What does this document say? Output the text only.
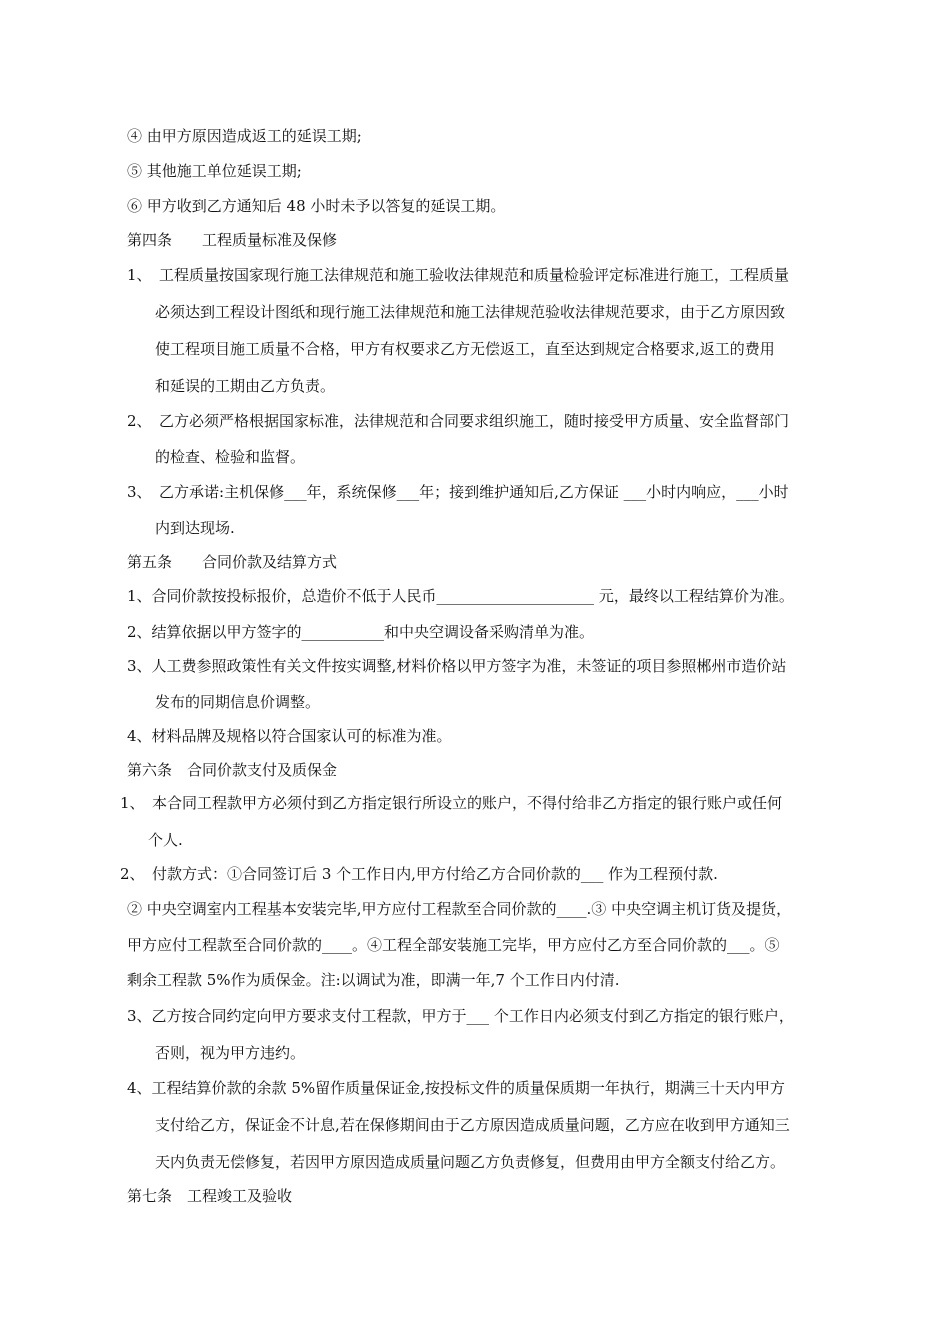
④ 由甲方原因造成返工的延误工期;
⑤ 其他施工单位延误工期;
⑥ 甲方收到乙方通知后 48 小时未予以答复的延误工期。
第四条　　工程质量标准及保修
1、　工程质量按国家现行施工法律规范和施工验收法律规范和质量检验评定标准进行施工，工程质量
必须达到工程设计图纸和现行施工法律规范和施工法律规范验收法律规范要求，由于乙方原因致
使工程项目施工质量不合格，甲方有权要求乙方无偿返工，直至达到规定合格要求,返工的费用
和延误的工期由乙方负责。
2、　乙方必须严格根据国家标准，法律规范和合同要求组织施工，随时接受甲方质量、安全监督部门
的检查、检验和监督。
3、　乙方承诺:主机保修___年，系统保修___年；接到维护通知后,乙方保证 ___小时内响应，___小时
内到达现场.
第五条　　合同价款及结算方式
1、合同价款按投标报价，总造价不低于人民币_____________________ 元，最终以工程结算价为准。
2、结算依据以甲方签字的___________和中央空调设备采购清单为准。
3、人工费参照政策性有关文件按实调整,材料价格以甲方签字为准，未签证的项目参照郴州市造价站
发布的同期信息价调整。
4、材料品牌及规格以符合国家认可的标准为准。
第六条　合同价款支付及质保金
1、　本合同工程款甲方必须付到乙方指定银行所设立的账户，不得付给非乙方指定的银行账户或任何
个人.
2、　付款方式：①合同签订后 3 个工作日内,甲方付给乙方合同价款的___ 作为工程预付款.
② 中央空调室内工程基本安装完毕,甲方应付工程款至合同价款的____.③ 中央空调主机订货及提货，
甲方应付工程款至合同价款的____。④工程全部安装施工完毕，甲方应付乙方至合同价款的___。⑤
剩余工程款 5%作为质保金。注:以调试为准，即满一年,7 个工作日内付清.
3、乙方按合同约定向甲方要求支付工程款，甲方于___ 个工作日内必须支付到乙方指定的银行账户，
否则，视为甲方违约。
4、工程结算价款的余款 5%留作质量保证金,按投标文件的质量保质期一年执行，期满三十天内甲方
支付给乙方，保证金不计息,若在保修期间由于乙方原因造成质量问题，乙方应在收到甲方通知三
天内负责无偿修复，若因甲方原因造成质量问题乙方负责修复，但费用由甲方全额支付给乙方。
第七条　工程竣工及验收
